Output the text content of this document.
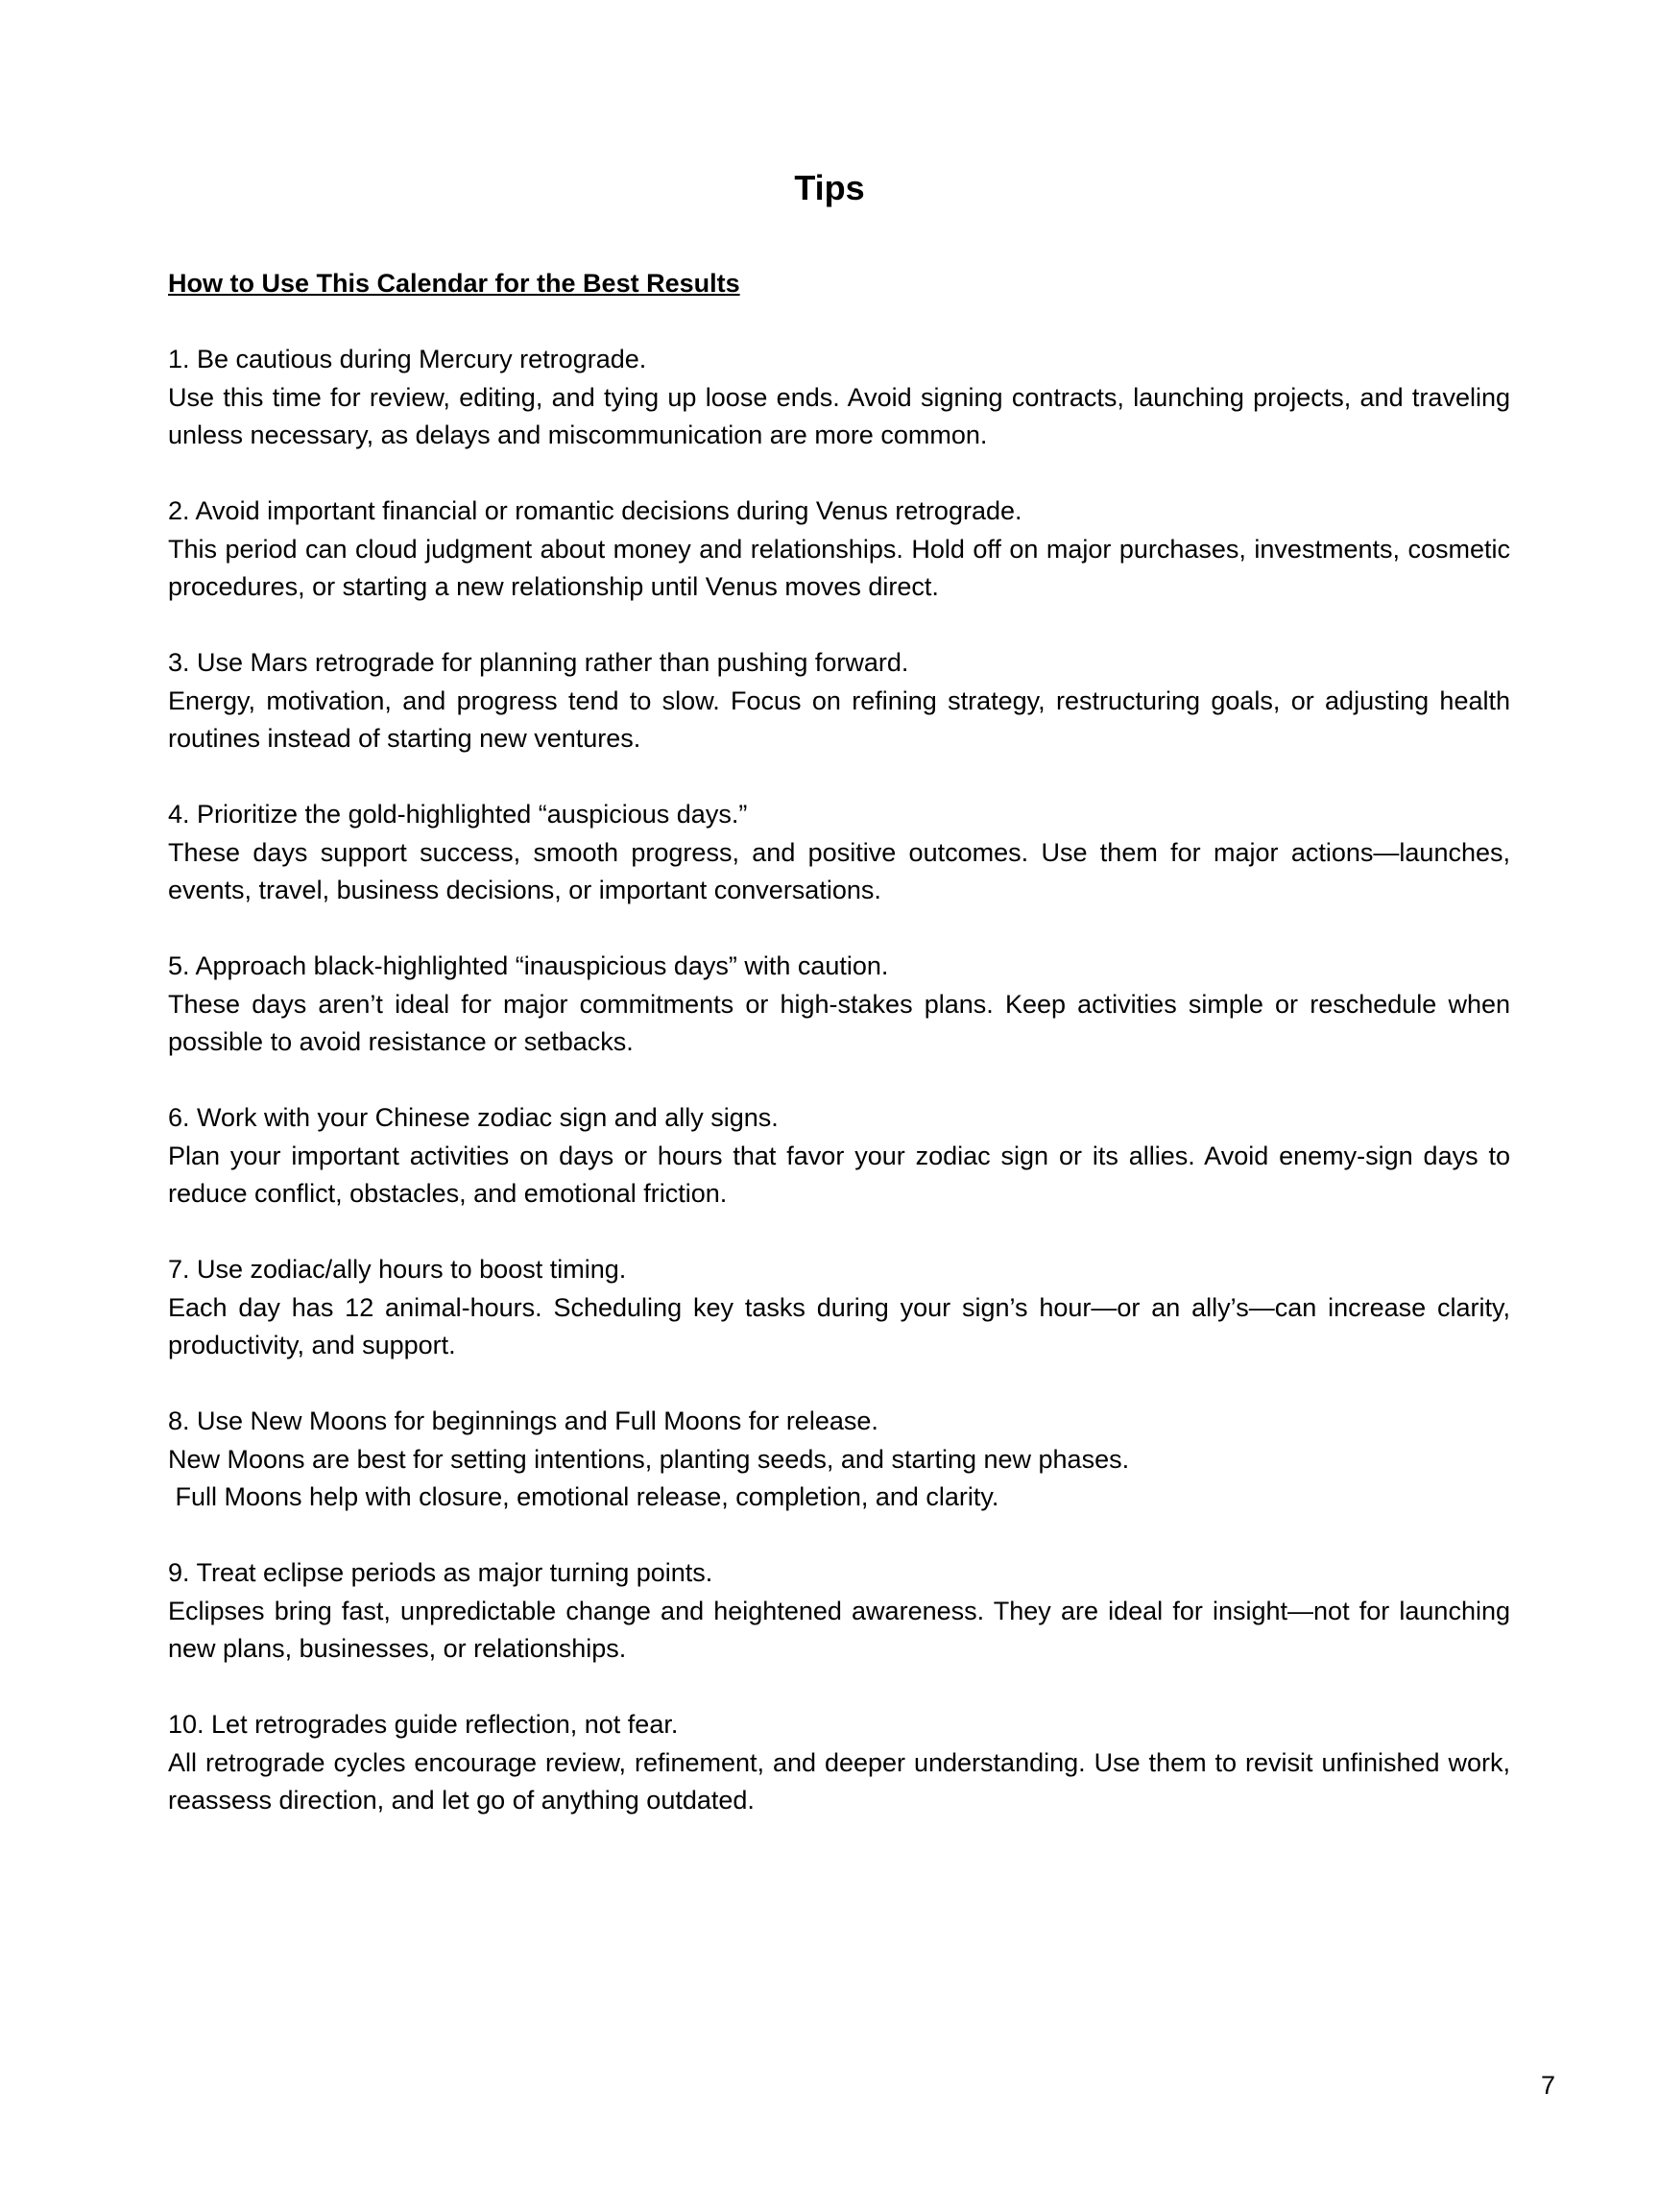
Tips

How to Use This Calendar for the Best Results

1. Be cautious during Mercury retrograde.

Use this time for review, editing, and tying up loose ends. Avoid signing contracts, launching projects, and traveling unless necessary, as delays and miscommunication are more common.

2. Avoid important financial or romantic decisions during Venus retrograde.

This period can cloud judgment about money and relationships. Hold off on major purchases, investments, cosmetic procedures, or starting a new relationship until Venus moves direct.

3. Use Mars retrograde for planning rather than pushing forward.

Energy, motivation, and progress tend to slow. Focus on refining strategy, restructuring goals, or adjusting health routines instead of starting new ventures.

4. Prioritize the gold-highlighted “auspicious days.”

These days support success, smooth progress, and positive outcomes. Use them for major actions—launches, events, travel, business decisions, or important conversations.

5. Approach black-highlighted “inauspicious days” with caution.

These days aren’t ideal for major commitments or high-stakes plans. Keep activities simple or reschedule when possible to avoid resistance or setbacks.

6. Work with your Chinese zodiac sign and ally signs.

Plan your important activities on days or hours that favor your zodiac sign or its allies. Avoid enemy-sign days to reduce conflict, obstacles, and emotional friction.

7. Use zodiac/ally hours to boost timing.

Each day has 12 animal-hours. Scheduling key tasks during your sign’s hour—or an ally’s—can increase clarity, productivity, and support.

8. Use New Moons for beginnings and Full Moons for release.

New Moons are best for setting intentions, planting seeds, and starting new phases.

Full Moons help with closure, emotional release, completion, and clarity.

9. Treat eclipse periods as major turning points.

Eclipses bring fast, unpredictable change and heightened awareness. They are ideal for insight—not for launching new plans, businesses, or relationships.

10. Let retrogrades guide reflection, not fear.

All retrograde cycles encourage review, refinement, and deeper understanding. Use them to revisit unfinished work, reassess direction, and let go of anything outdated.

7
